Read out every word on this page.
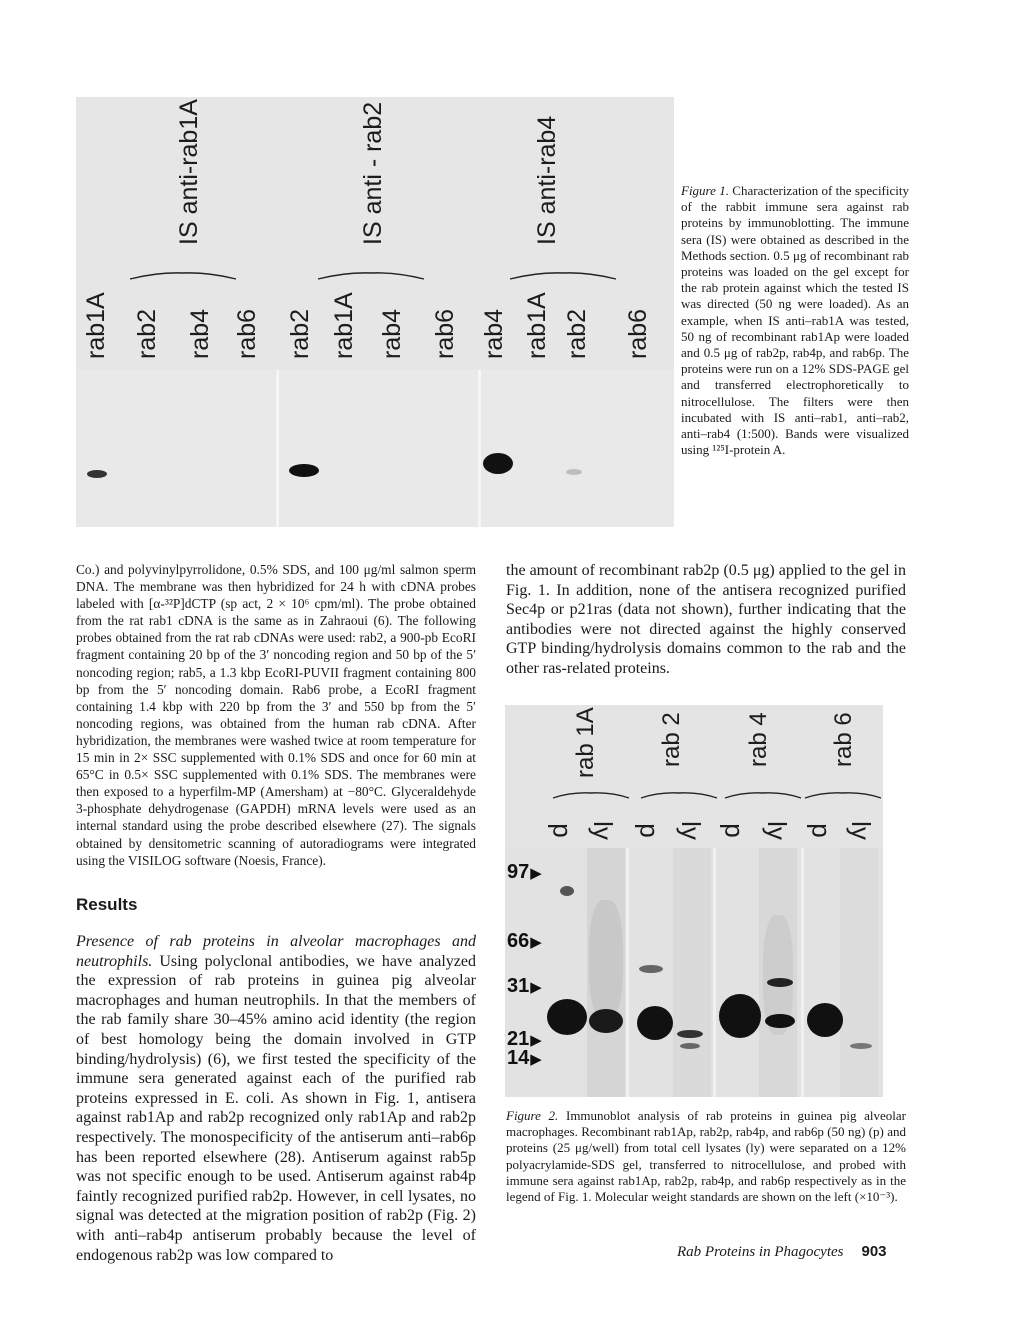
IS anti-rab1A	IS anti - rab2	IS anti-rab4
rab1A rab2 rab4 rab6 rab2 rab1A rab4 rab6 rab4 rab1A rab2 rab6
Figure 1. Characterization of the specificity of the rabbit immune sera against rab proteins by immunoblotting. The immune sera (IS) were obtained as described in the Methods section. 0.5 μg of recombinant rab proteins was loaded on the gel except for the rab protein against which the tested IS was directed (50 ng were loaded). As an example, when IS anti–rab1A was tested, 50 ng of recombinant rab1Ap were loaded and 0.5 μg of rab2p, rab4p, and rab6p. The proteins were run on a 12% SDS-PAGE gel and transferred electrophoretically to nitrocellulose. The filters were then incubated with IS anti–rab1, anti–rab2, anti–rab4 (1:500). Bands were visualized using ¹²⁵I-protein A.
Co.) and polyvinylpyrrolidone, 0.5% SDS, and 100 μg/ml salmon sperm DNA. The membrane was then hybridized for 24 h with cDNA probes labeled with [α-³²P]dCTP (sp act, 2 × 10⁶ cpm/ml). The probe obtained from the rat rab1 cDNA is the same as in Zahraoui (6). The following probes obtained from the rat rab cDNAs were used: rab2, a 900-pb EcoRI fragment containing 20 bp of the 3′ noncoding region and 50 bp of the 5′ noncoding region; rab5, a 1.3 kbp EcoRI-PUVII fragment containing 800 bp from the 5′ noncoding domain. Rab6 probe, a EcoRI fragment containing 1.4 kbp with 220 bp from the 3′ and 550 bp from the 5′ noncoding regions, was obtained from the human rab cDNA. After hybridization, the membranes were washed twice at room temperature for 15 min in 2× SSC supplemented with 0.1% SDS and once for 60 min at 65°C in 0.5× SSC supplemented with 0.1% SDS. The membranes were then exposed to a hyperfilm-MP (Amersham) at −80°C. Glyceraldehyde 3-phosphate dehydrogenase (GAPDH) mRNA levels were used as an internal standard using the probe described elsewhere (27). The signals obtained by densitometric scanning of autoradiograms were integrated using the VISILOG software (Noesis, France).
Results
Presence of rab proteins in alveolar macrophages and neutrophils. Using polyclonal antibodies, we have analyzed the expression of rab proteins in guinea pig alveolar macrophages and human neutrophils. In that the members of the rab family share 30–45% amino acid identity (the region of best homology being the domain involved in GTP binding/hydrolysis) (6), we first tested the specificity of the immune sera generated against each of the purified rab proteins expressed in E. coli. As shown in Fig. 1, antisera against rab1Ap and rab2p recognized only rab1Ap and rab2p respectively. The monospecificity of the antiserum anti–rab6p has been reported elsewhere (28). Antiserum against rab5p was not specific enough to be used. Antiserum against rab4p faintly recognized purified rab2p. However, in cell lysates, no signal was detected at the migration position of rab2p (Fig. 2) with anti–rab4p antiserum probably because the level of endogenous rab2p was low compared to
the amount of recombinant rab2p (0.5 μg) applied to the gel in Fig. 1. In addition, none of the antisera recognized purified Sec4p or p21ras (data not shown), further indicating that the antibodies were not directed against the highly conserved GTP binding/hydrolysis domains common to the rab and the other ras-related proteins.
rab 1A rab 2	rab 4 rab 6
p ly p ly p ly p ly
97▶
66▶
31▶
21▶
14▶
Figure 2. Immunoblot analysis of rab proteins in guinea pig alveolar macrophages. Recombinant rab1Ap, rab2p, rab4p, and rab6p (50 ng) (p) and proteins (25 μg/well) from total cell lysates (ly) were separated on a 12% polyacrylamide-SDS gel, transferred to nitrocellulose, and probed with immune sera against rab1Ap, rab2p, rab4p, and rab6p respectively as in the legend of Fig. 1. Molecular weight standards are shown on the left (×10⁻³).
Rab Proteins in Phagocytes 903
